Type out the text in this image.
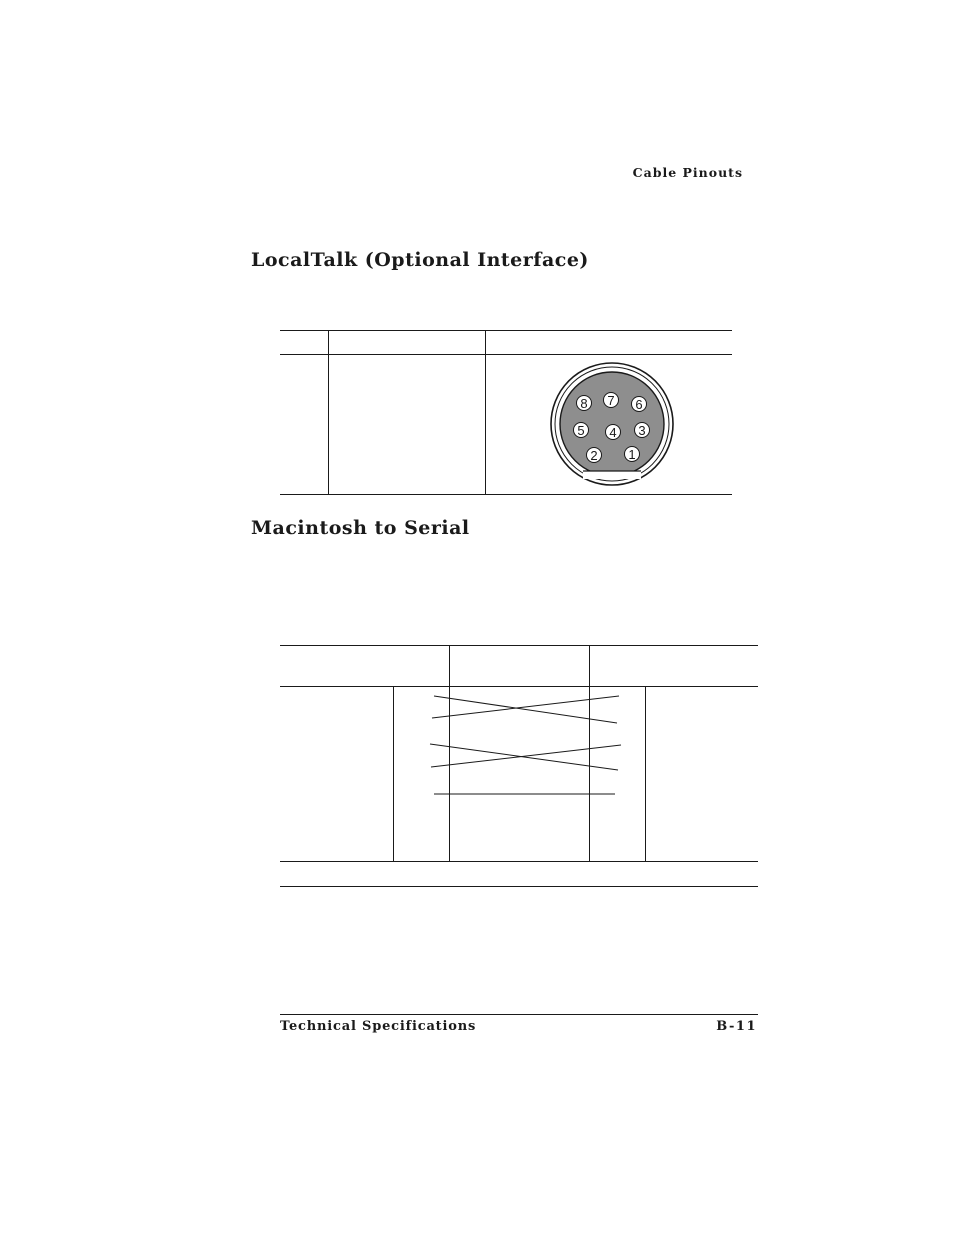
Cable Pinouts
LocalTalk (Optional Interface)
8 7 6
5 4 3
2 1
Macintosh to Serial
Technical Specifications	B-11
